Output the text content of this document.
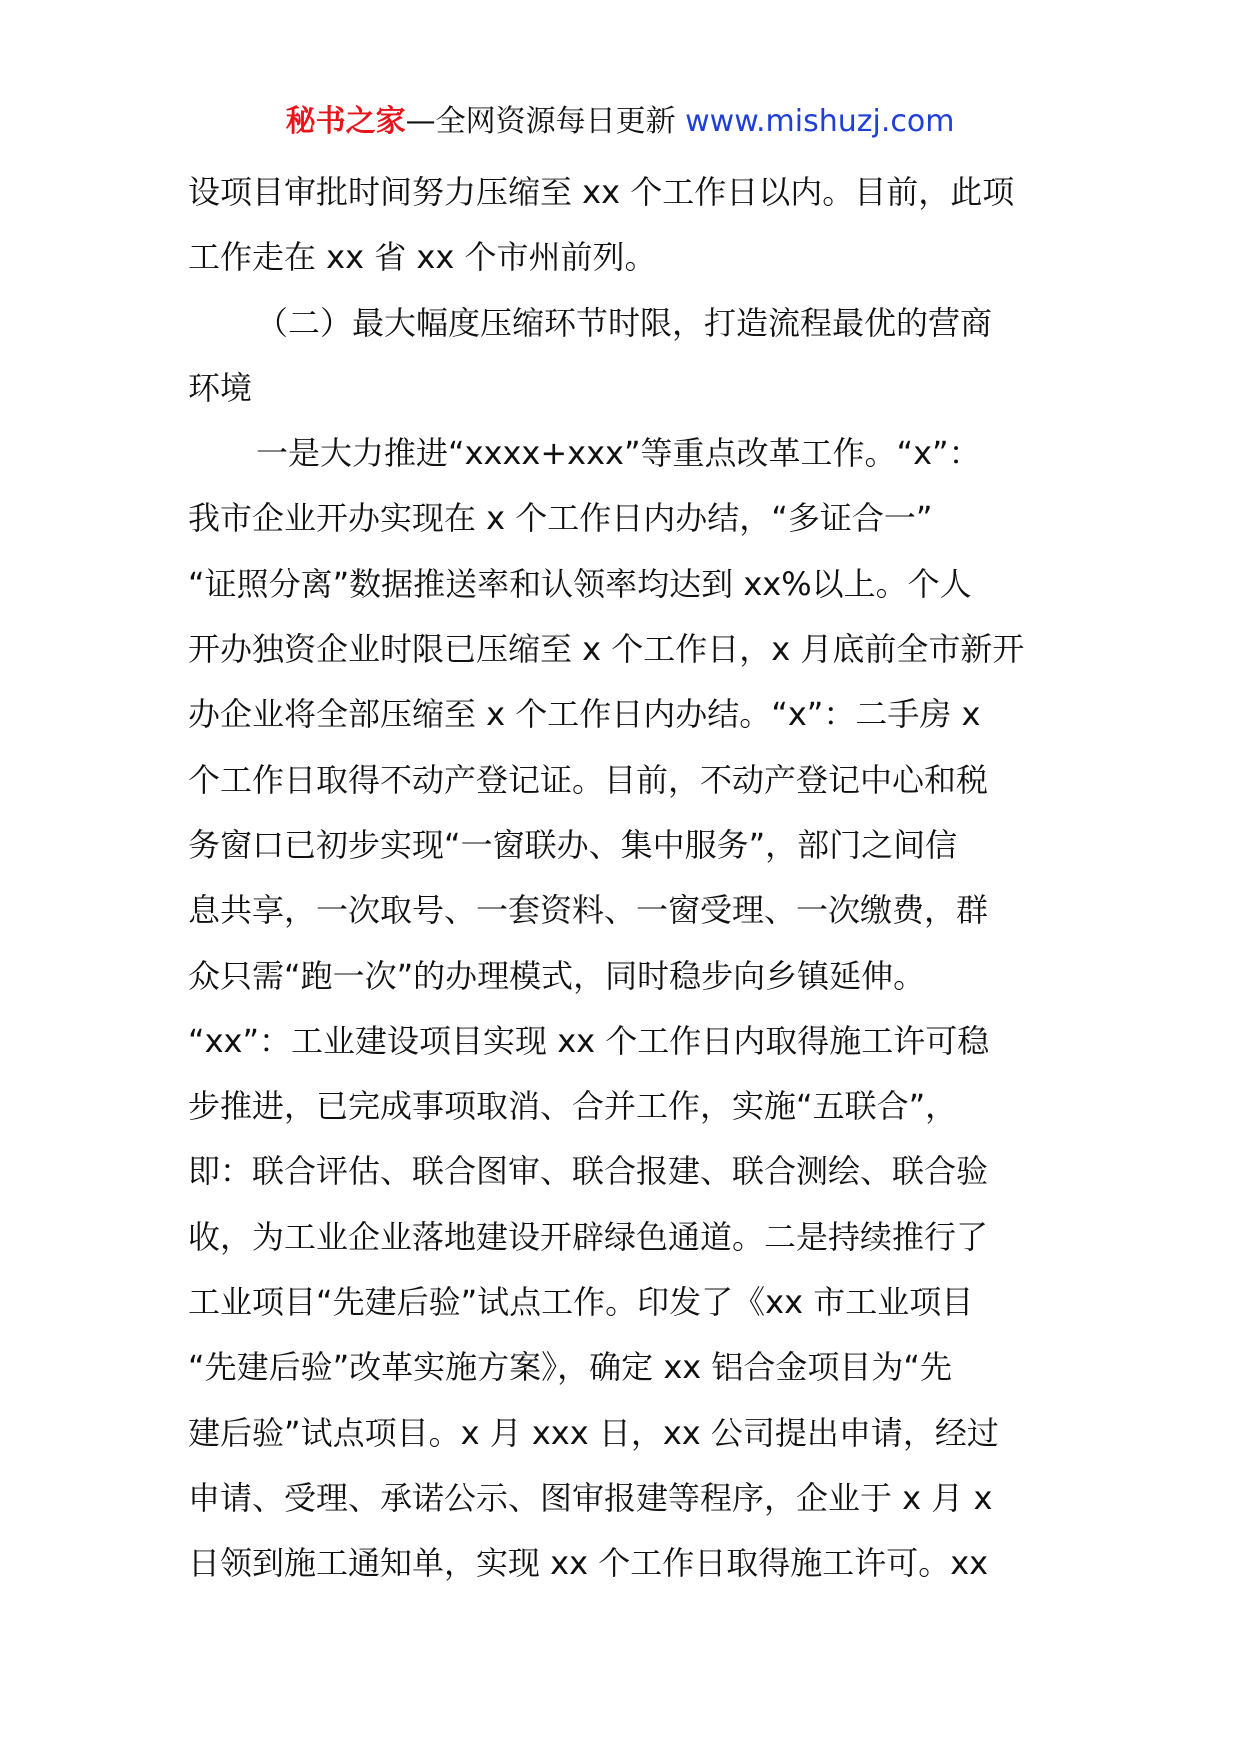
秘书之家—全网资源每日更新 www.mishuzj.com
设项目审批时间努力压缩至 xx 个工作日以内。目前，此项
工作走在 xx 省 xx 个市州前列。
（二）最大幅度压缩环节时限，打造流程最优的营商
环境
一是大力推进“xxxx+xxx”等重点改革工作。“x”：
我市企业开办实现在 x 个工作日内办结，“多证合一”
“证照分离”数据推送率和认领率均达到 xx%以上。个人
开办独资企业时限已压缩至 x 个工作日，x 月底前全市新开
办企业将全部压缩至 x 个工作日内办结。“x”：二手房 x
个工作日取得不动产登记证。目前，不动产登记中心和税
务窗口已初步实现“一窗联办、集中服务”，部门之间信
息共享，一次取号、一套资料、一窗受理、一次缴费，群
众只需“跑一次”的办理模式，同时稳步向乡镇延伸。
“xx”：工业建设项目实现 xx 个工作日内取得施工许可稳
步推进，已完成事项取消、合并工作，实施“五联合”，
即：联合评估、联合图审、联合报建、联合测绘、联合验
收，为工业企业落地建设开辟绿色通道。二是持续推行了
工业项目“先建后验”试点工作。印发了《xx 市工业项目
“先建后验”改革实施方案》，确定 xx 铝合金项目为“先
建后验”试点项目。x 月 xxx 日，xx 公司提出申请，经过
申请、受理、承诺公示、图审报建等程序，企业于 x 月 x
日领到施工通知单，实现 xx 个工作日取得施工许可。xx
